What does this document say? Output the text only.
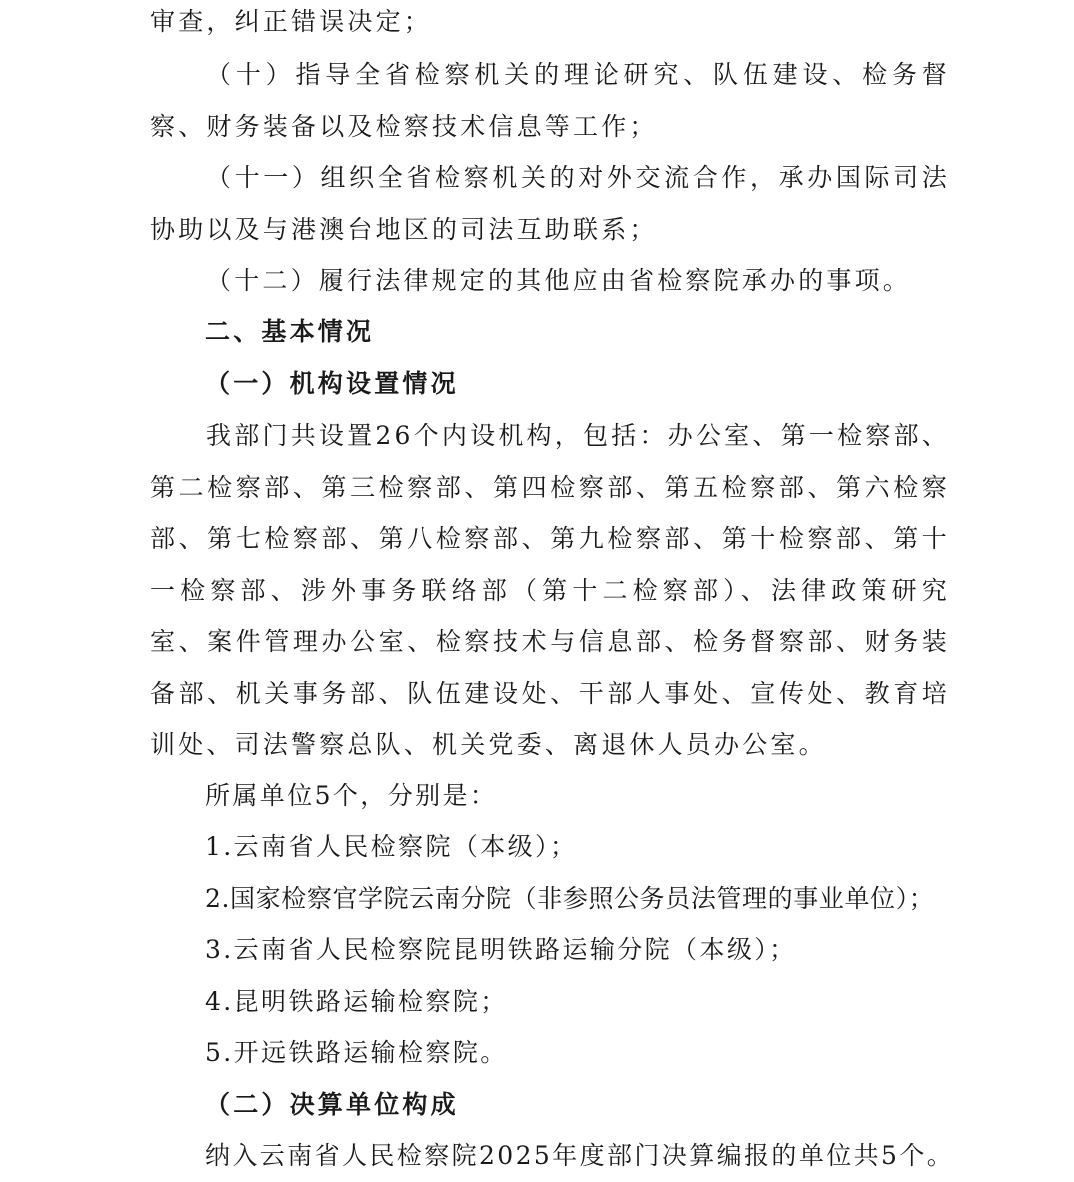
审查，纠正错误决定；

（十）指导全省检察机关的理论研究、队伍建设、检务督察、财务装备以及检察技术信息等工作；

（十一）组织全省检察机关的对外交流合作，承办国际司法协助以及与港澳台地区的司法互助联系；

（十二）履行法律规定的其他应由省检察院承办的事项。

二、基本情况
（一）机构设置情况

我部门共设置26个内设机构，包括：办公室、第一检察部、第二检察部、第三检察部、第四检察部、第五检察部、第六检察部、第七检察部、第八检察部、第九检察部、第十检察部、第十一检察部、涉外事务联络部（第十二检察部）、法律政策研究室、案件管理办公室、检察技术与信息部、检务督察部、财务装备部、机关事务部、队伍建设处、干部人事处、宣传处、教育培训处、司法警察总队、机关党委、离退休人员办公室。

所属单位5个，分别是：

1.云南省人民检察院（本级）；

2.国家检察官学院云南分院（非参照公务员法管理的事业单位）；

3.云南省人民检察院昆明铁路运输分院（本级）；

4.昆明铁路运输检察院；

5.开远铁路运输检察院。

（二）决算单位构成

纳入云南省人民检察院2025年度部门决算编报的单位共5个。
